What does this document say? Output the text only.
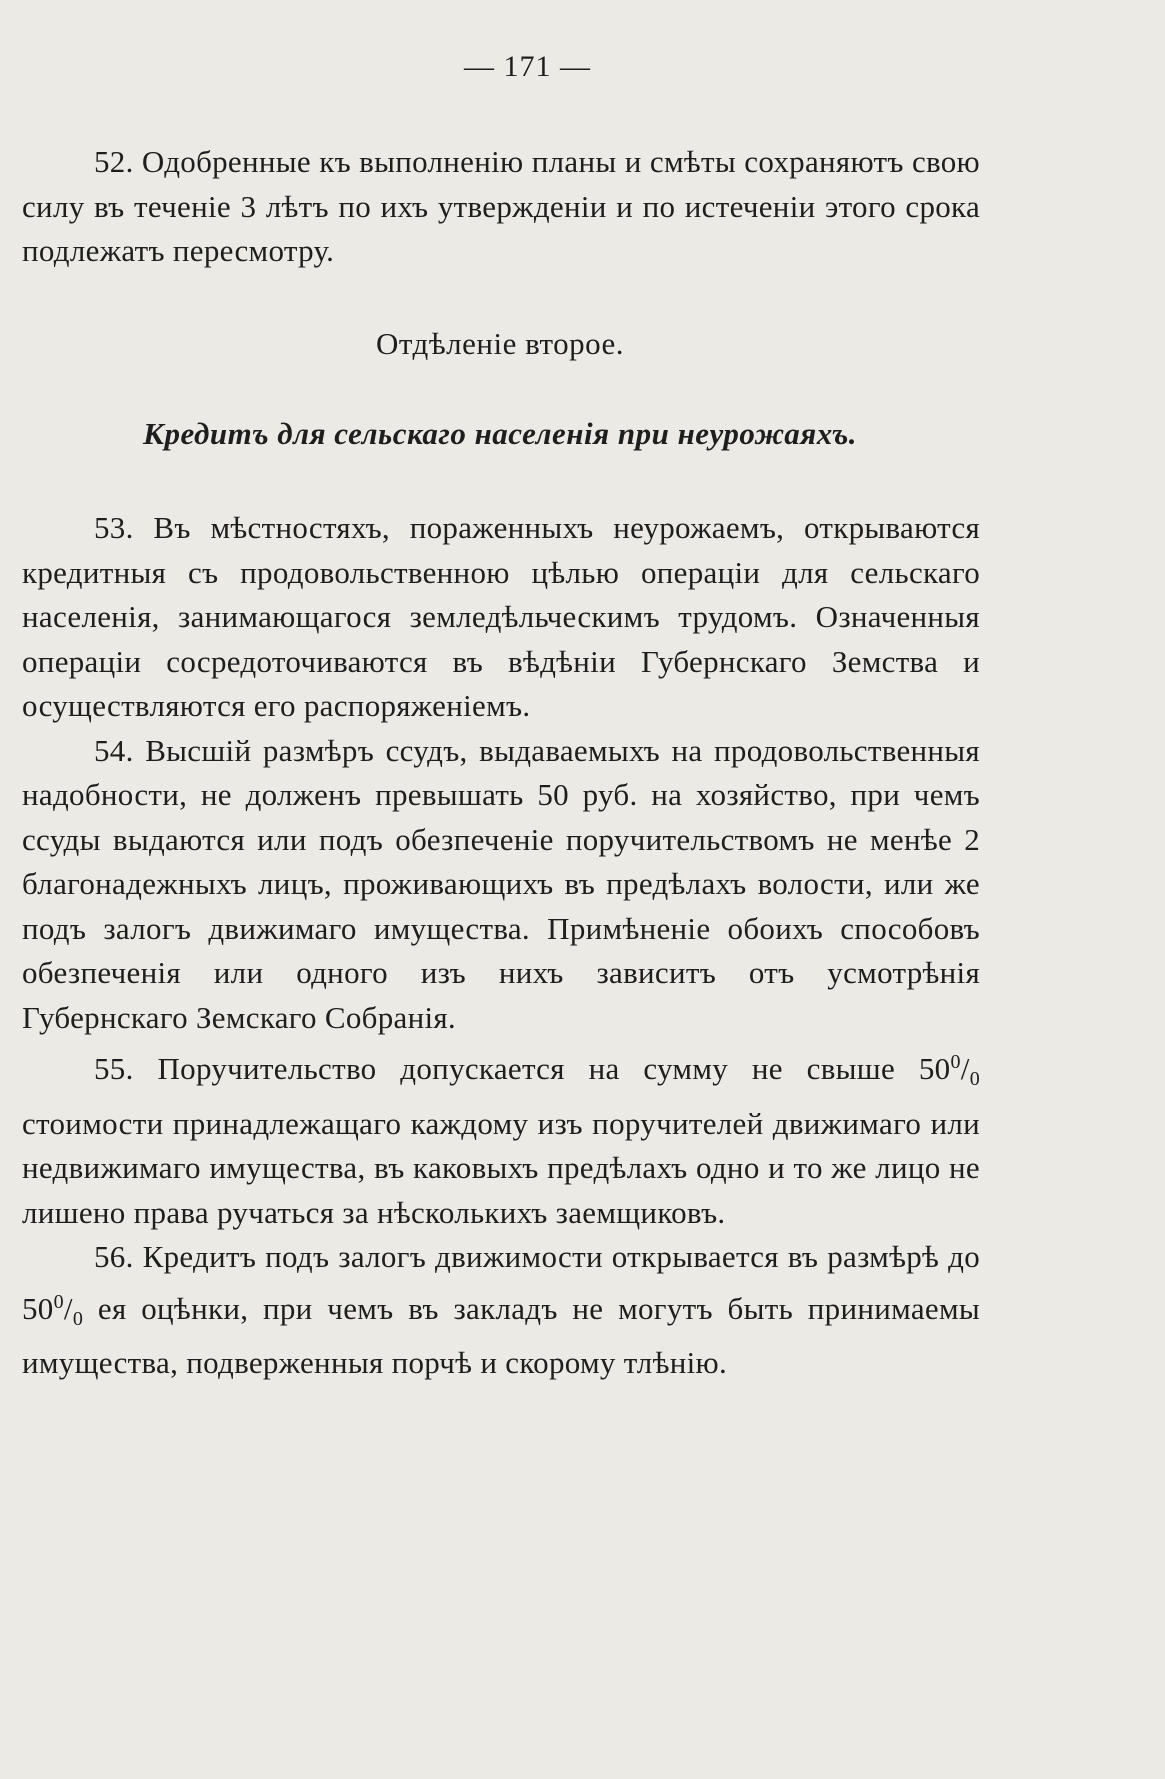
— 171 —

52. Одобренные къ выполненію планы и смѣты сохраняютъ свою силу въ теченіе 3 лѣтъ по ихъ утвержденіи и по истеченіи этого срока подлежатъ пересмотру.

Отдѣленіе второе.
Кредитъ для сельскаго населенія при неурожаяхъ.

53. Въ мѣстностяхъ, пораженныхъ неурожаемъ, открываются кредитныя съ продовольственною цѣлью операціи для сельскаго населенія, занимающагося земледѣльческимъ трудомъ. Означенныя операціи сосредоточиваются въ вѣдѣніи Губернскаго Земства и осуществляются его распоряженіемъ.

54. Высшій размѣръ ссудъ, выдаваемыхъ на продовольственныя надобности, не долженъ превышать 50 руб. на хозяйство, при чемъ ссуды выдаются или подъ обезпеченіе поручительствомъ не менѣе 2 благонадежныхъ лицъ, проживающихъ въ предѣлахъ волости, или же подъ залогъ движимаго имущества. Примѣненіе обоихъ способовъ обезпеченія или одного изъ нихъ зависитъ отъ усмотрѣнія Губернскаго Земскаго Собранія.

55. Поручительство допускается на сумму не свыше $50^0/_0$ стоимости принадлежащаго каждому изъ поручителей движимаго или недвижимаго имущества, въ каковыхъ предѣлахъ одно и то же лицо не лишено права ручаться за нѣсколькихъ заемщиковъ.

56. Кредитъ подъ залогъ движимости открывается въ размѣрѣ до $50^0/_0$ ея оцѣнки, при чемъ въ закладъ не могутъ быть принимаемы имущества, подверженныя порчѣ и скорому тлѣнію.
